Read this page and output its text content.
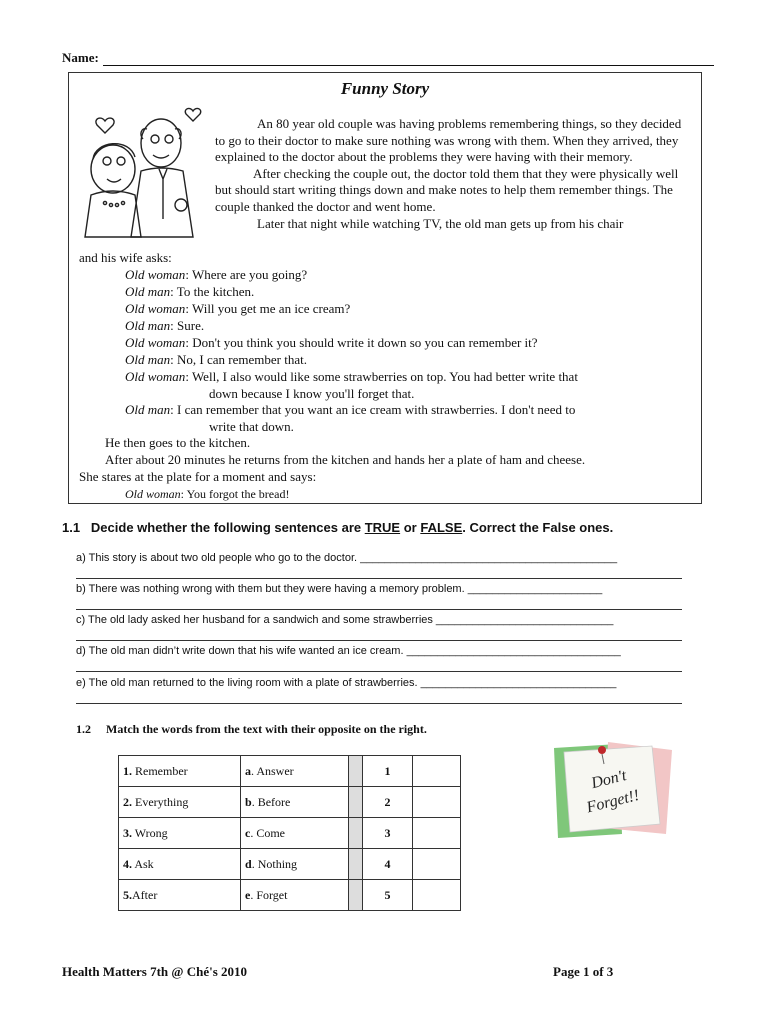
Name:
Funny Story
An 80 year old couple was having problems remembering things, so they decided to go to their doctor to make sure nothing was wrong with them. When they arrived, they explained to the doctor about the problems they were having with their memory.
After checking the couple out, the doctor told them that they were physically well but should start writing things down and make notes to help them remember things. The couple thanked the doctor and went home.
Later that night while watching TV, the old man gets up from his chair
and his wife asks:
Old woman: Where are you going?
Old man: To the kitchen.
Old woman: Will you get me an ice cream?
Old man: Sure.
Old woman: Don't you think you should write it down so you can remember it?
Old man: No, I can remember that.
Old woman: Well, I also would like some strawberries on top. You had better write that
down because I know you'll forget that.
Old man: I can remember that you want an ice cream with strawberries. I don't need to
write that down.
He then goes to the kitchen.
After about 20 minutes he returns from the kitchen and hands her a plate of ham and cheese.
She stares at the plate for a moment and says:
Old woman: You forgot the bread!
1.1 Decide whether the following sentences are TRUE or FALSE. Correct the False ones.
a) This story is about two old people who go to the doctor. __________________________________________
b) There was nothing wrong with them but they were having a memory problem. ______________________
c) The old lady asked her husband for a sandwich and some strawberries _____________________________
d) The old man didn’t write down that his wife wanted an ice cream. ___________________________________
e) The old man returned to the living room with a plate of strawberries. ________________________________
1.2 Match the words from the text with their opposite on the right.
1. Remember	a. Answer		1	
2. Everything	b. Before		2	
3. Wrong	c. Come		3	
4. Ask	d. Nothing		4	
5.After	e. Forget		5	
Don't
Forget!!
Health Matters 7th @ Ché's 2010	Page 1 of 3
